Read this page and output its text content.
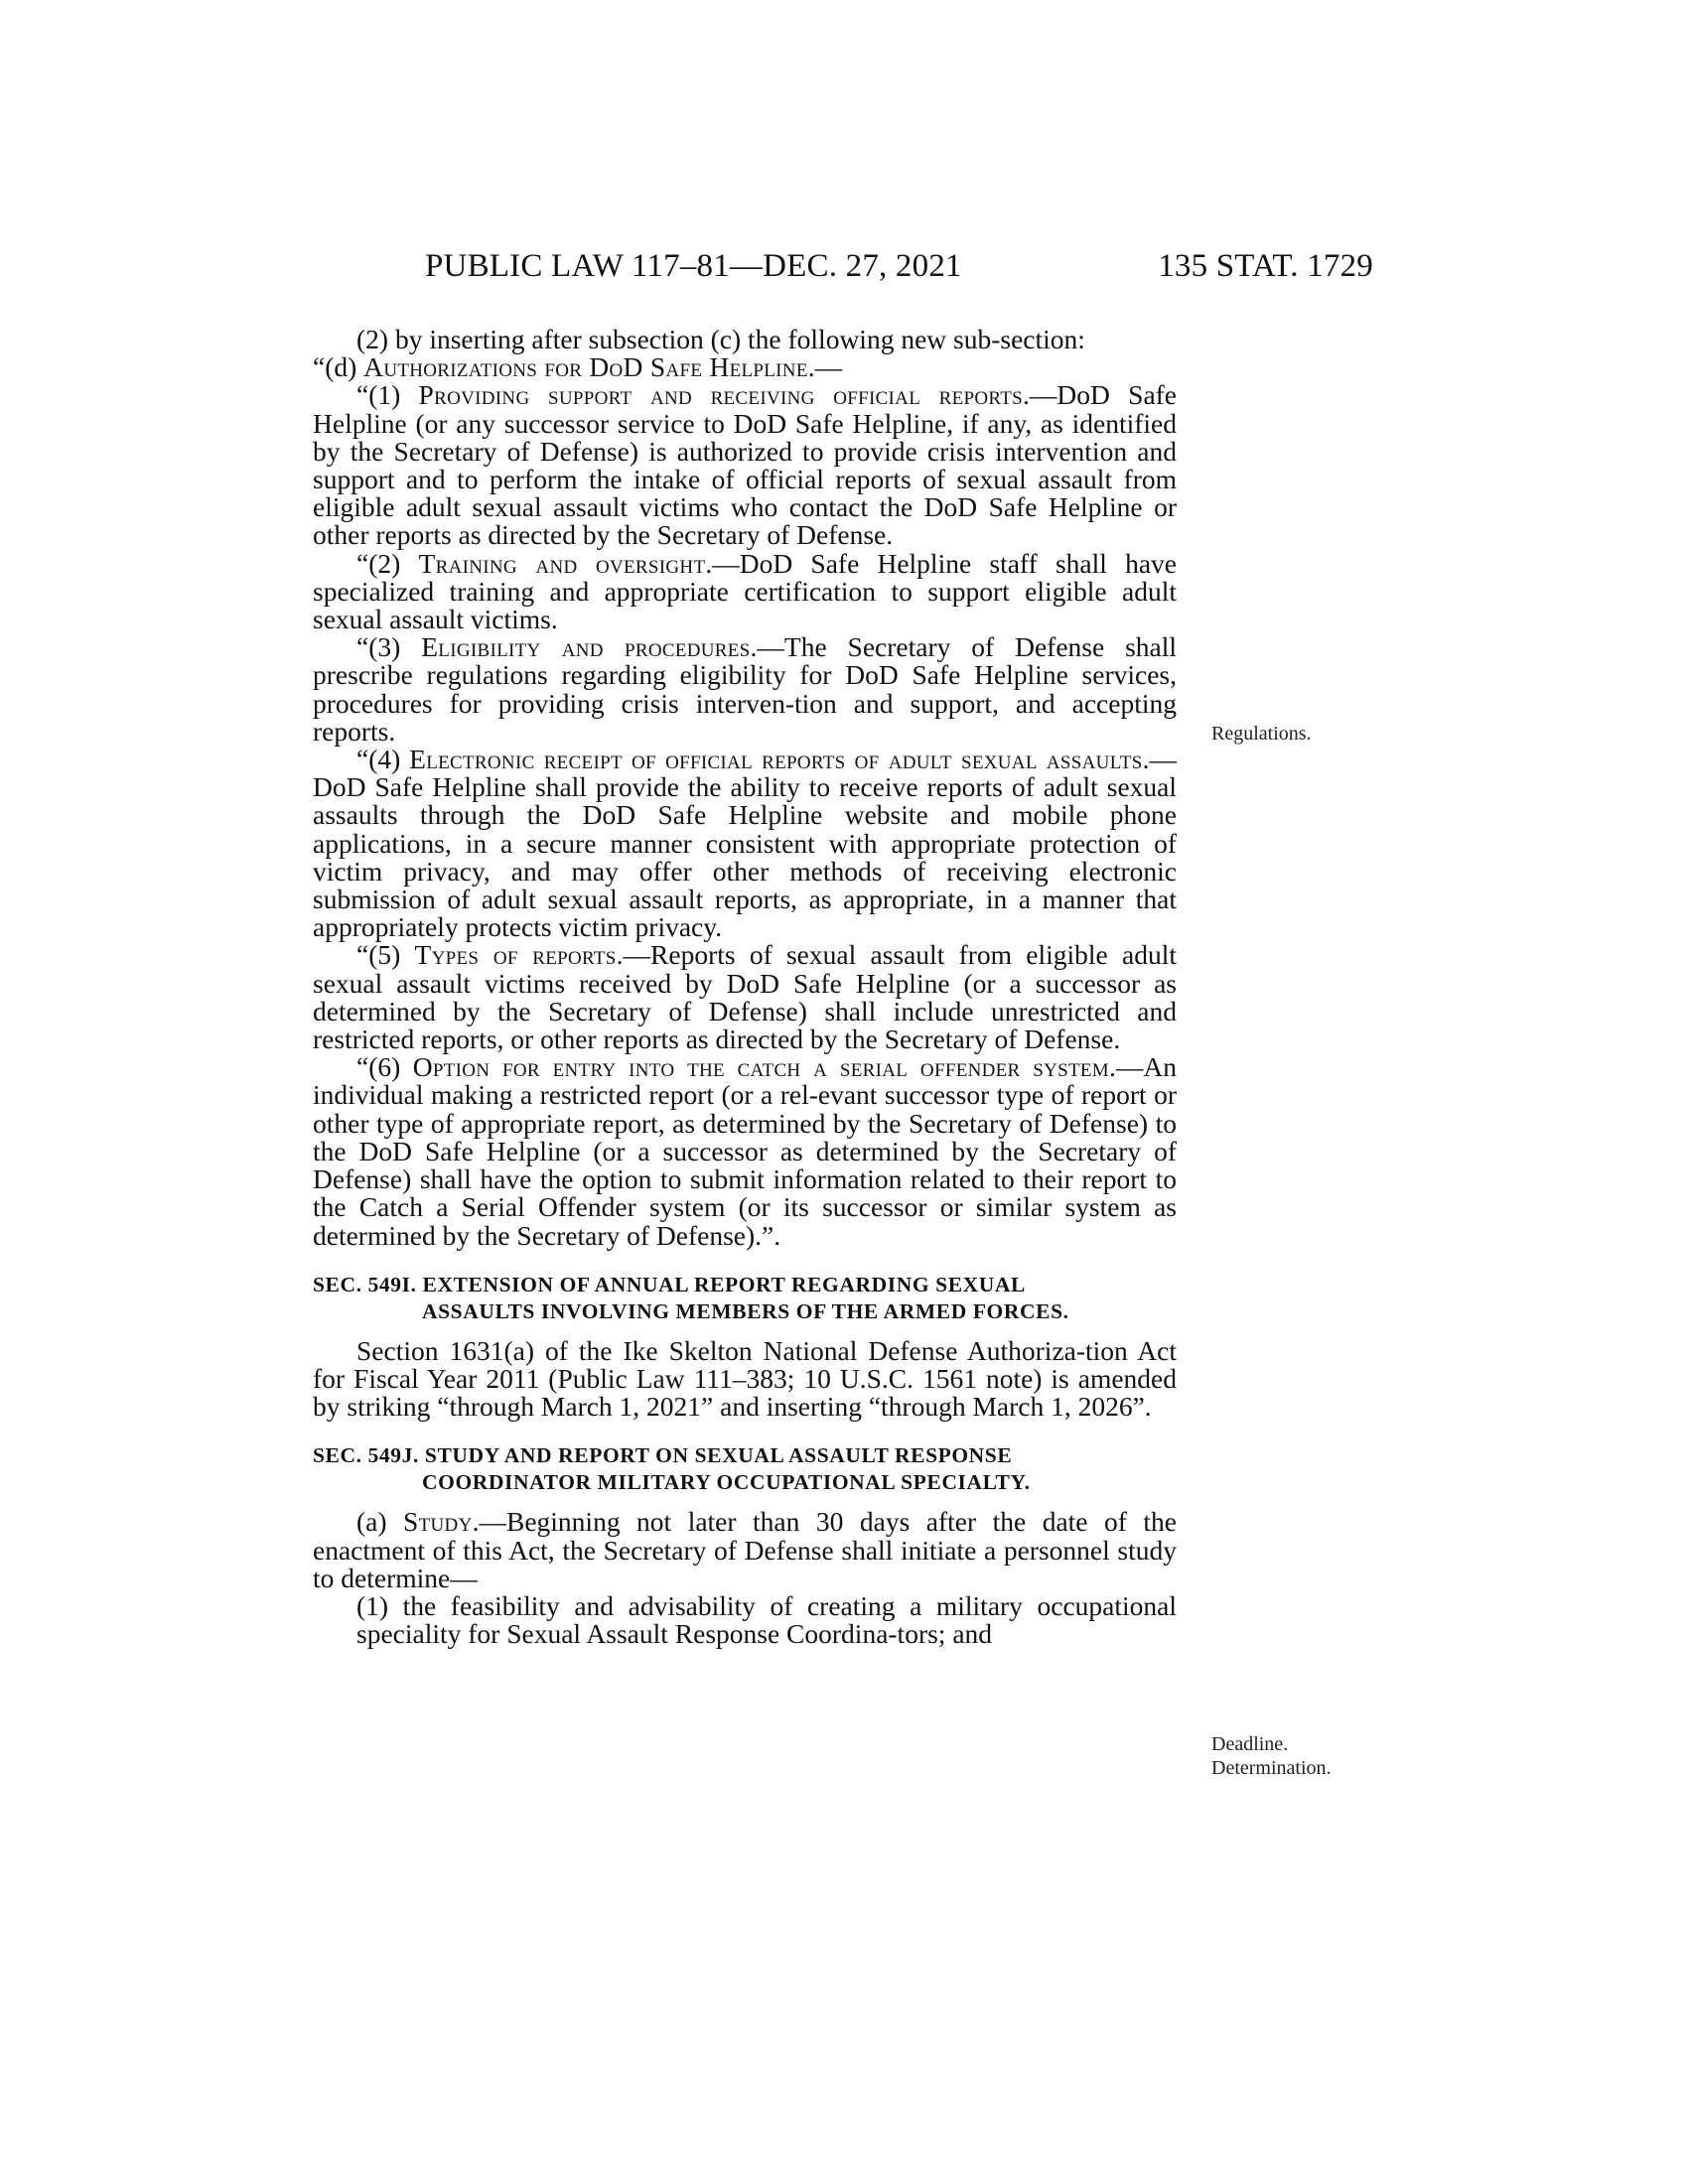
PUBLIC LAW 117–81—DEC. 27, 2021	135 STAT. 1729
Regulations.
Deadline.
Determination.

(2) by inserting after subsection (c) the following new sub-section:

“(d) Authorizations for DoD Safe Helpline.—

“(1) Providing support and receiving official reports.—DoD Safe Helpline (or any successor service to DoD Safe Helpline, if any, as identified by the Secretary of Defense) is authorized to provide crisis intervention and support and to perform the intake of official reports of sexual assault from eligible adult sexual assault victims who contact the DoD Safe Helpline or other reports as directed by the Secretary of Defense.

“(2) Training and oversight.—DoD Safe Helpline staff shall have specialized training and appropriate certification to support eligible adult sexual assault victims.

“(3) Eligibility and procedures.—The Secretary of Defense shall prescribe regulations regarding eligibility for DoD Safe Helpline services, procedures for providing crisis interven-tion and support, and accepting reports.

“(4) Electronic receipt of official reports of adult sexual assaults.—DoD Safe Helpline shall provide the ability to receive reports of adult sexual assaults through the DoD Safe Helpline website and mobile phone applications, in a secure manner consistent with appropriate protection of victim privacy, and may offer other methods of receiving electronic submission of adult sexual assault reports, as appropriate, in a manner that appropriately protects victim privacy.

“(5) Types of reports.—Reports of sexual assault from eligible adult sexual assault victims received by DoD Safe Helpline (or a successor as determined by the Secretary of Defense) shall include unrestricted and restricted reports, or other reports as directed by the Secretary of Defense.

“(6) Option for entry into the catch a serial offender system.—An individual making a restricted report (or a rel-evant successor type of report or other type of appropriate report, as determined by the Secretary of Defense) to the DoD Safe Helpline (or a successor as determined by the Secretary of Defense) shall have the option to submit information related to their report to the Catch a Serial Offender system (or its successor or similar system as determined by the Secretary of Defense).”.

SEC. 549I. EXTENSION OF ANNUAL REPORT REGARDING SEXUAL
ASSAULTS INVOLVING MEMBERS OF THE ARMED FORCES.

Section 1631(a) of the Ike Skelton National Defense Authoriza-tion Act for Fiscal Year 2011 (Public Law 111–383; 10 U.S.C. 1561 note) is amended by striking “through March 1, 2021” and inserting “through March 1, 2026”.

SEC. 549J. STUDY AND REPORT ON SEXUAL ASSAULT RESPONSE
COORDINATOR MILITARY OCCUPATIONAL SPECIALTY.

(a) Study.—Beginning not later than 30 days after the date of the enactment of this Act, the Secretary of Defense shall initiate a personnel study to determine—

(1) the feasibility and advisability of creating a military occupational speciality for Sexual Assault Response Coordina-tors; and
